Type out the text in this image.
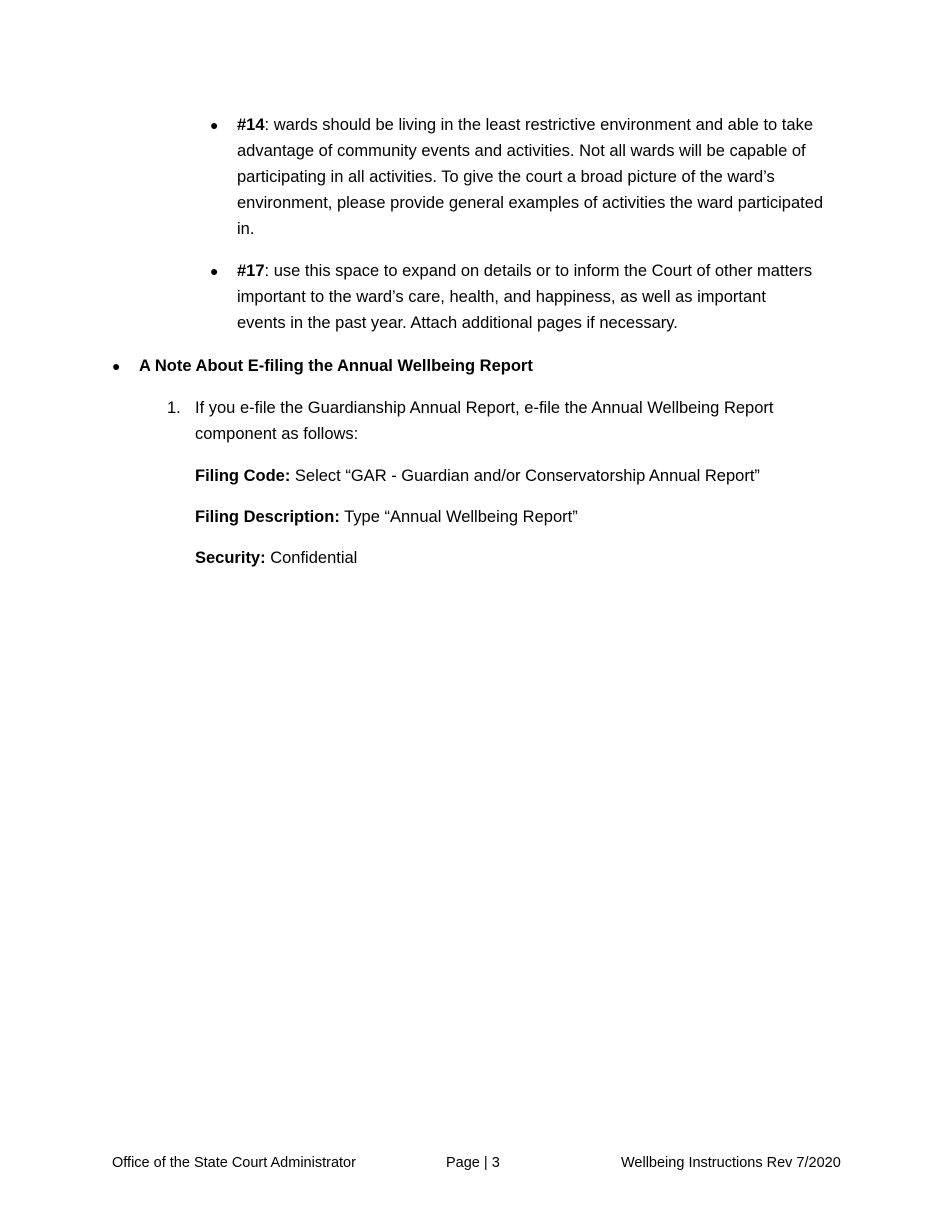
● #14: wards should be living in the least restrictive environment and able to take advantage of community events and activities. Not all wards will be capable of participating in all activities. To give the court a broad picture of the ward’s environment, please provide general examples of activities the ward participated in.
● #17: use this space to expand on details or to inform the Court of other matters important to the ward’s care, health, and happiness, as well as important events in the past year. Attach additional pages if necessary.
● A Note About E-filing the Annual Wellbeing Report
1. If you e-file the Guardianship Annual Report, e-file the Annual Wellbeing Report component as follows:
Filing Code: Select “GAR - Guardian and/or Conservatorship Annual Report”
Filing Description: Type “Annual Wellbeing Report”
Security: Confidential
Office of the State Court Administrator	Page | 3	Wellbeing Instructions Rev 7/2020
